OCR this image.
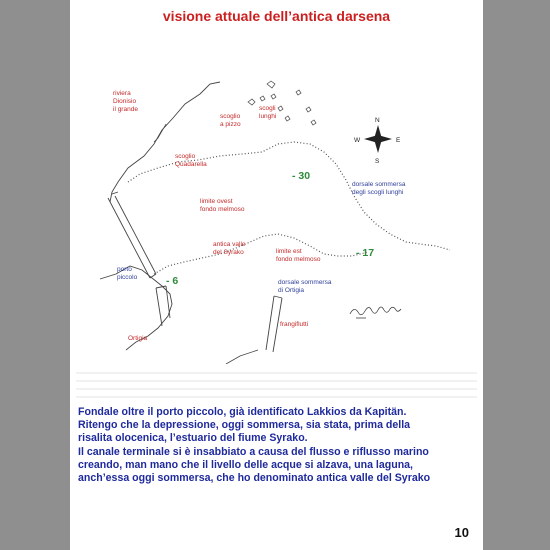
visione attuale dell’antica darsena
N
S
W	E
riviera Dionisio il grande
scoglio a pizzo
scogli lunghi
scoglio Quadarella
limite ovest fondo melmoso
antica valle del Syrako	limite est fondo melmoso
Ortigia
frangiflutti
dorsale sommersa degli scogli lunghi
dorsale sommersa di Ortigia
porto piccolo
- 30
- 17
- 6

Fondale oltre il porto piccolo, già identificato Lakkios da Kapitän.

Ritengo che la depressione, oggi sommersa, sia stata, prima della

risalita olocenica, l’estuario del fiume Syrako.

Il canale terminale si è insabbiato a causa del flusso e riflusso marino

creando, man mano che il livello delle acque si alzava, una laguna,

anch’essa oggi sommersa, che ho denominato antica valle del Syrako

10
